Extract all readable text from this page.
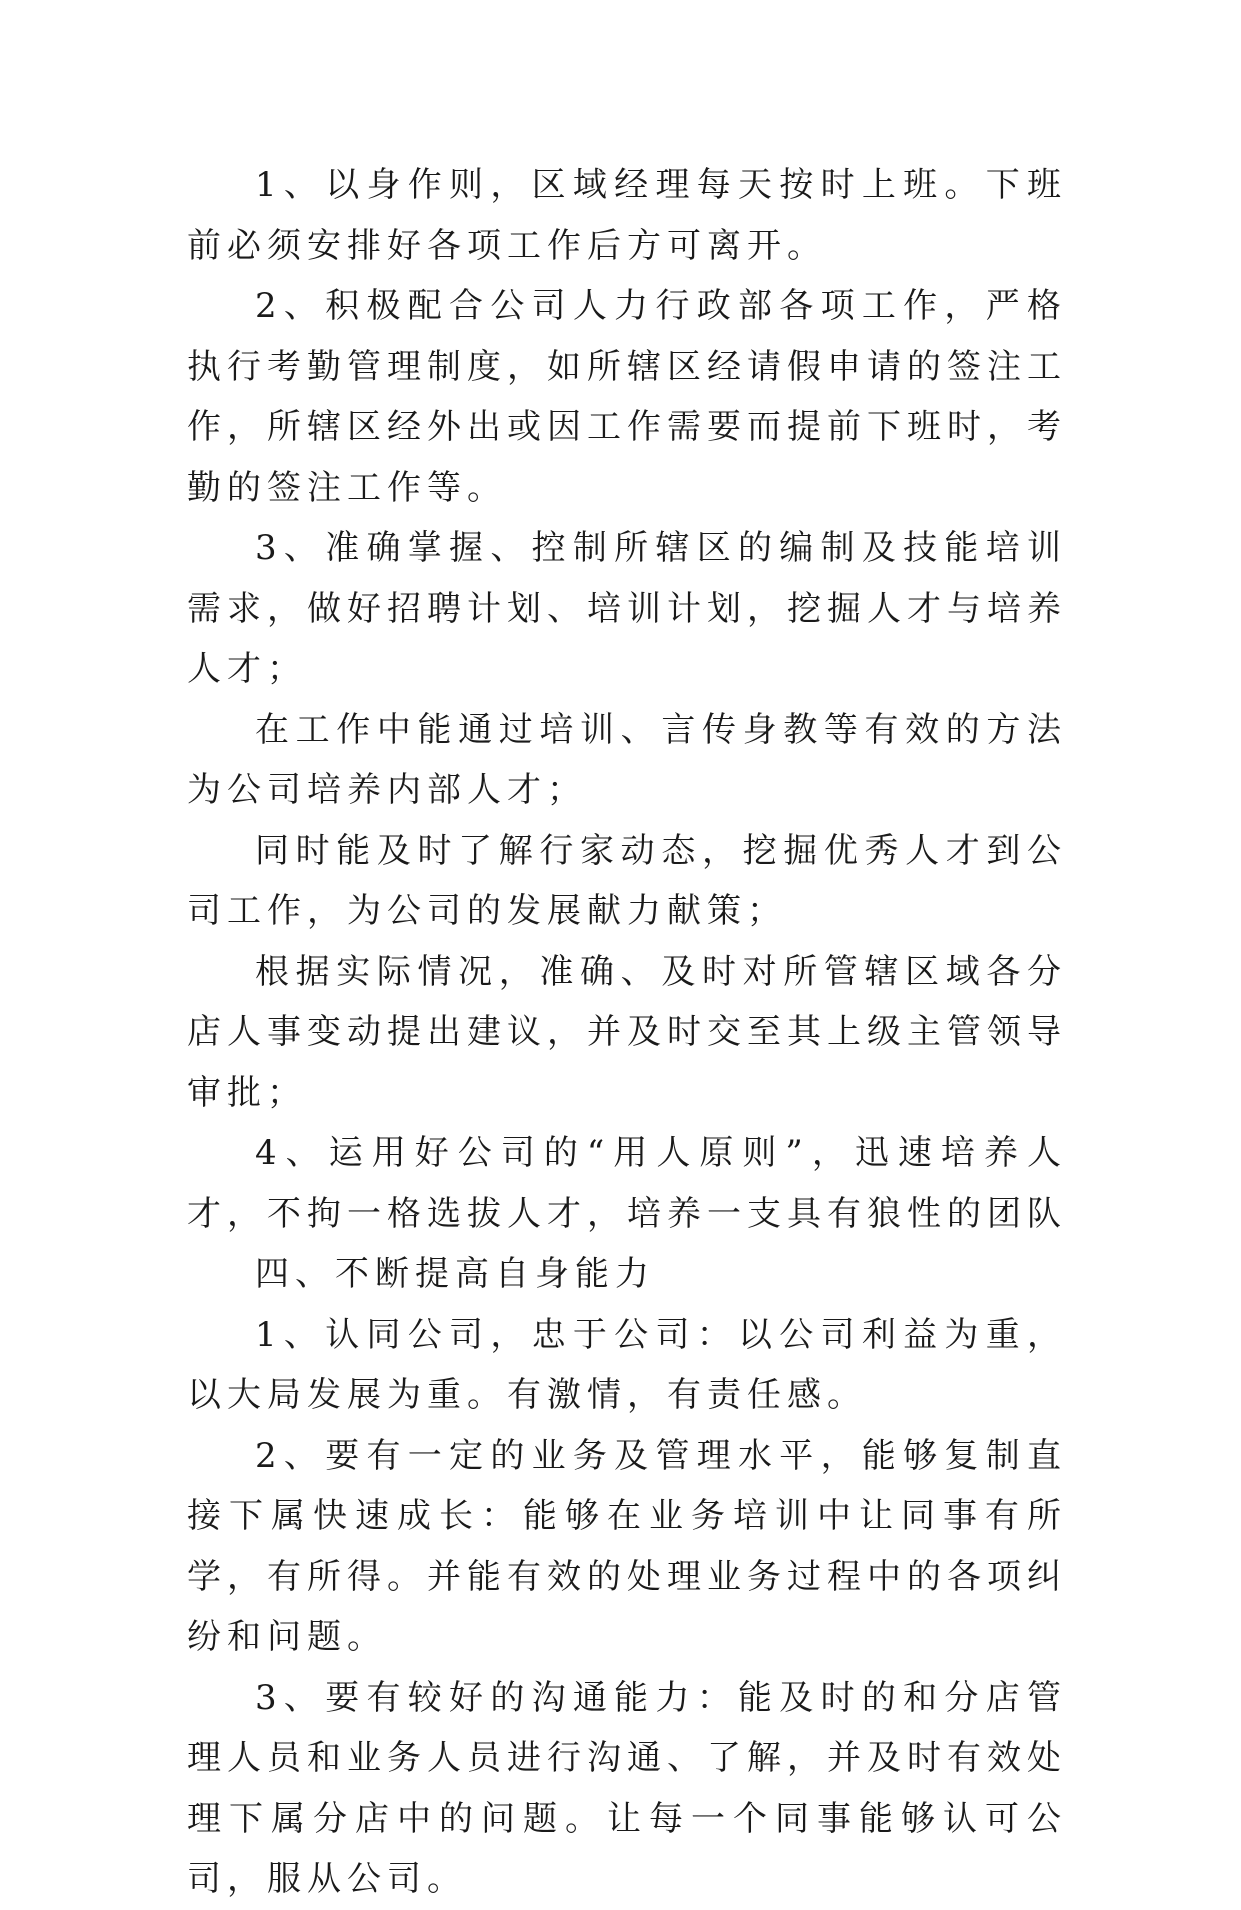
1、以身作则，区域经理每天按时上班。下班前必须安排好各项工作后方可离开。

2、积极配合公司人力行政部各项工作，严格执行考勤管理制度，如所辖区经请假申请的签注工作，所辖区经外出或因工作需要而提前下班时，考勤的签注工作等。

3、准确掌握、控制所辖区的编制及技能培训需求，做好招聘计划、培训计划，挖掘人才与培养人才；

在工作中能通过培训、言传身教等有效的方法为公司培养内部人才；

同时能及时了解行家动态，挖掘优秀人才到公司工作，为公司的发展献力献策；

根据实际情况，准确、及时对所管辖区域各分店人事变动提出建议，并及时交至其上级主管领导审批；

4、运用好公司的“用人原则”，迅速培养人才，不拘一格选拔人才，培养一支具有狼性的团队

四、不断提高自身能力

1、认同公司，忠于公司：以公司利益为重，以大局发展为重。有激情，有责任感。

2、要有一定的业务及管理水平，能够复制直接下属快速成长：能够在业务培训中让同事有所学，有所得。并能有效的处理业务过程中的各项纠纷和问题。

3、要有较好的沟通能力：能及时的和分店管理人员和业务人员进行沟通、了解，并及时有效处理下属分店中的问题。让每一个同事能够认可公司，服从公司。
